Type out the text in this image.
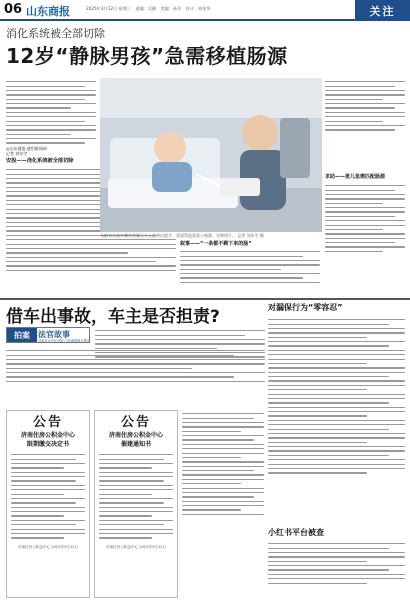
06 山东商报	2025年3月12日 星期三　责编：吴静　美编：孙萍　设计：胡金华	关注
消化系统被全部切除
12岁“静脉男孩”急需移植肠源
◎山东商报·速豹新闻网
记者 刘东宇
安股——浇化系统被全部切除
丞皓对右前外腰苦营婆心人士监伸出援手，希望帮他重获小肠源。实物照片。 记者 刘东宇 摄
求助——患儿急需匹配肠源
叙事——“一条都不剩下来的肠”
借车出事故，车主是否担责?
拍案	法官故事
济南市市中区法院 山东商报联合推出
公告
济南住房公积金中心
限期缴交决定书
济南住房公积金中心 2025年3月12日
公告
济南住房公积金中心
催建通知书
济南住房公积金中心 2025年3月12日
对漏保行为“零容忍”
小红书平台被查
